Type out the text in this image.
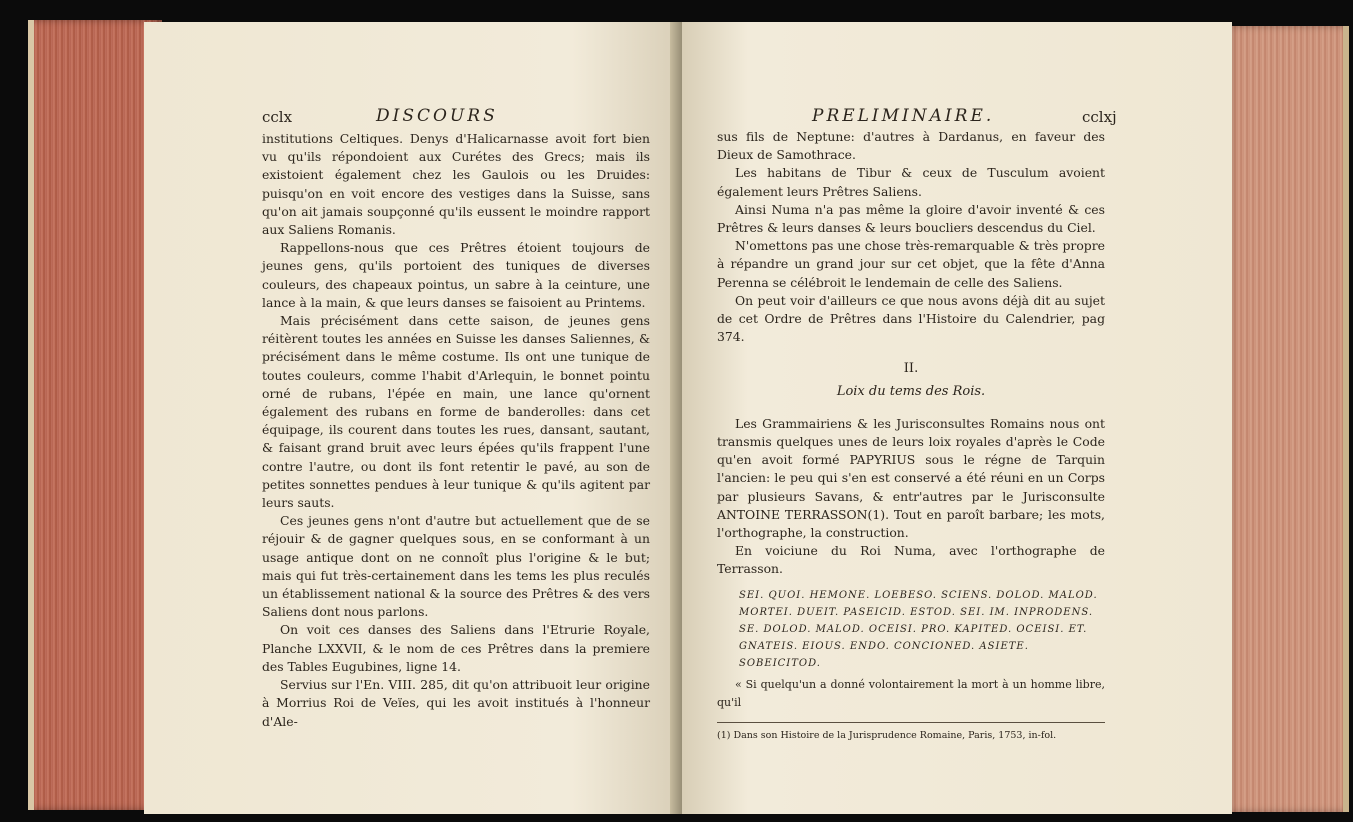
cclx	DISCOURS

institutions Celtiques. Denys d'Halicarnasse avoit fort bien vu qu'ils répondoient aux Curétes des Grecs; mais ils existoient également chez les Gaulois ou les Druides: puisqu'on en voit encore des vestiges dans la Suisse, sans qu'on ait jamais soupçonné qu'ils eussent le moindre rapport aux Saliens Romanis.

Rappellons-nous que ces Prêtres étoient toujours de jeunes gens, qu'ils portoient des tuniques de diverses couleurs, des chapeaux pointus, un sabre à la ceinture, une lance à la main, & que leurs danses se faisoient au Printems.

Mais précisément dans cette saison, de jeunes gens réitèrent toutes les années en Suisse les danses Saliennes, & précisément dans le même costume. Ils ont une tunique de toutes couleurs, comme l'habit d'Arlequin, le bonnet pointu orné de rubans, l'épée en main, une lance qu'ornent également des rubans en forme de banderolles: dans cet équipage, ils courent dans toutes les rues, dansant, sautant, & faisant grand bruit avec leurs épées qu'ils frappent l'une contre l'autre, ou dont ils font retentir le pavé, au son de petites sonnettes pendues à leur tunique & qu'ils agitent par leurs sauts.

Ces jeunes gens n'ont d'autre but actuellement que de se réjouir & de gagner quelques sous, en se conformant à un usage antique dont on ne connoît plus l'origine & le but; mais qui fut très-certainement dans les tems les plus reculés un établissement national & la source des Prêtres & des vers Saliens dont nous parlons.

On voit ces danses des Saliens dans l'Etrurie Royale, Planche LXXVII, & le nom de ces Prêtres dans la premiere des Tables Eugubines, ligne 14.

Servius sur l'En. VIII. 285, dit qu'on attribuoit leur origine à Morrius Roi de Veïes, qui les avoit institués à l'honneur d'Ale-

PRELIMINAIRE.	cclxj

sus fils de Neptune: d'autres à Dardanus, en faveur des Dieux de Samothrace.

Les habitans de Tibur & ceux de Tusculum avoient également leurs Prêtres Saliens.

Ainsi Numa n'a pas même la gloire d'avoir inventé & ces Prêtres & leurs danses & leurs boucliers descendus du Ciel.

N'omettons pas une chose très-remarquable & très propre à répandre un grand jour sur cet objet, que la fête d'Anna Perenna se célébroit le lendemain de celle des Saliens.

On peut voir d'ailleurs ce que nous avons déjà dit au sujet de cet Ordre de Prêtres dans l'Histoire du Calendrier, pag 374.

II.
Loix du tems des Rois.

Les Grammairiens & les Jurisconsultes Romains nous ont transmis quelques unes de leurs loix royales d'après le Code qu'en avoit formé PAPYRIUS sous le régne de Tarquin l'ancien: le peu qui s'en est conservé a été réuni en un Corps par plusieurs Savans, & entr'autres par le Jurisconsulte ANTOINE TERRASSON(1). Tout en paroît barbare; les mots, l'orthographe, la construction.

En voiciune du Roi Numa, avec l'orthographe de Terrasson.

SEI. QUOI. HEMONE. LOEBESO. SCIENS. DOLOD. MALOD. MORTEI. DUEIT. PASEICID. ESTOD. SEI. IM. INPRODENS. SE. DOLOD. MALOD. OCEISI. PRO. KAPITED. OCEISI. ET. GNATEIS. EIOUS. ENDO. CONCIONED. ASIETE. SOBEICITOD.

« Si quelqu'un a donné volontairement la mort à un homme libre, qu'il

(1) Dans son Histoire de la Jurisprudence Romaine, Paris, 1753, in-fol.
